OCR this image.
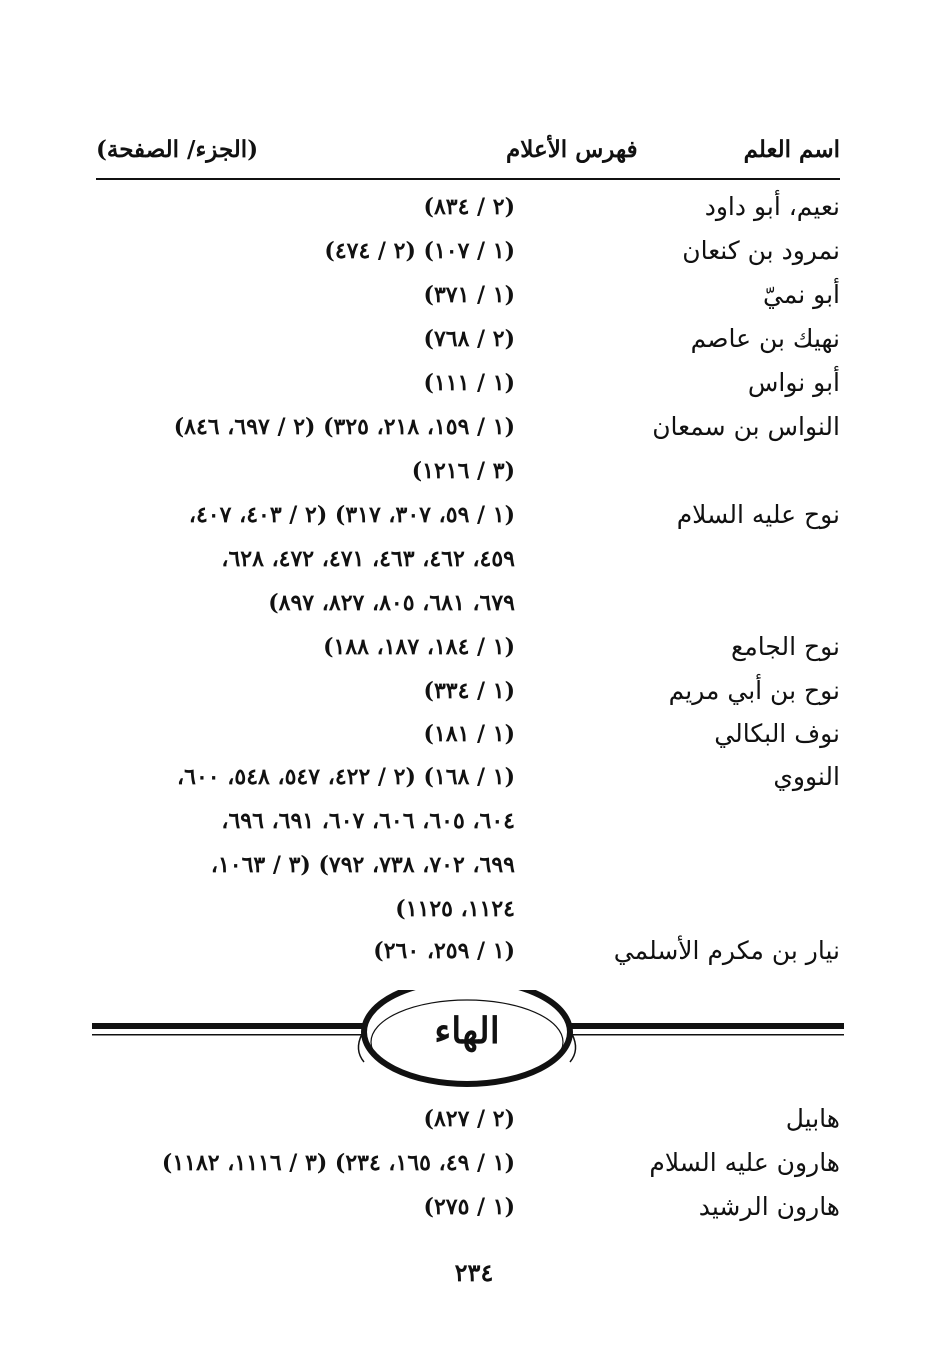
اسم العلم
فهرس الأعلام
(الجزء/ الصفحة)
نعيم، أبو داود
(٢ / ٨٣٤)
نمرود بن كنعان
(١ / ١٠٧) (٢ / ٤٧٤)
أبو نميّ
(١ / ٣٧١)
نهيك بن عاصم
(٢ / ٧٦٨)
أبو نواس
(١ / ١١١)
النواس بن سمعان
(١ / ١٥٩، ٢١٨، ٣٢٥) (٢ / ٦٩٧، ٨٤٦)
(٣ / ١٢١٦)
نوح عليه السلام
(١ / ٥٩، ٣٠٧، ٣١٧) (٢ / ٤٠٣، ٤٠٧،
٤٥٩، ٤٦٢، ٤٦٣، ٤٧١، ٤٧٢، ٦٢٨،
٦٧٩، ٦٨١، ٨٠٥، ٨٢٧، ٨٩٧)
نوح الجامع
(١ / ١٨٤، ١٨٧، ١٨٨)
نوح بن أبي مريم
(١ / ٣٣٤)
نوف البكالي
(١ / ١٨١)
النووي
(١ / ١٦٨) (٢ / ٤٢٢، ٥٤٧، ٥٤٨، ٦٠٠،
٦٠٤، ٦٠٥، ٦٠٦، ٦٠٧، ٦٩١، ٦٩٦،
٦٩٩، ٧٠٢، ٧٣٨، ٧٩٢) (٣ / ١٠٦٣،
١١٢٤، ١١٢٥)
نيار بن مكرم الأسلمي
(١ / ٢٥٩، ٢٦٠)
الهاء
هابيل
(٢ / ٨٢٧)
هارون عليه السلام
(١ / ٤٩، ١٦٥، ٢٣٤) (٣ / ١١١٦، ١١٨٢)
هارون الرشيد
(١ / ٢٧٥)
٢٣٤
